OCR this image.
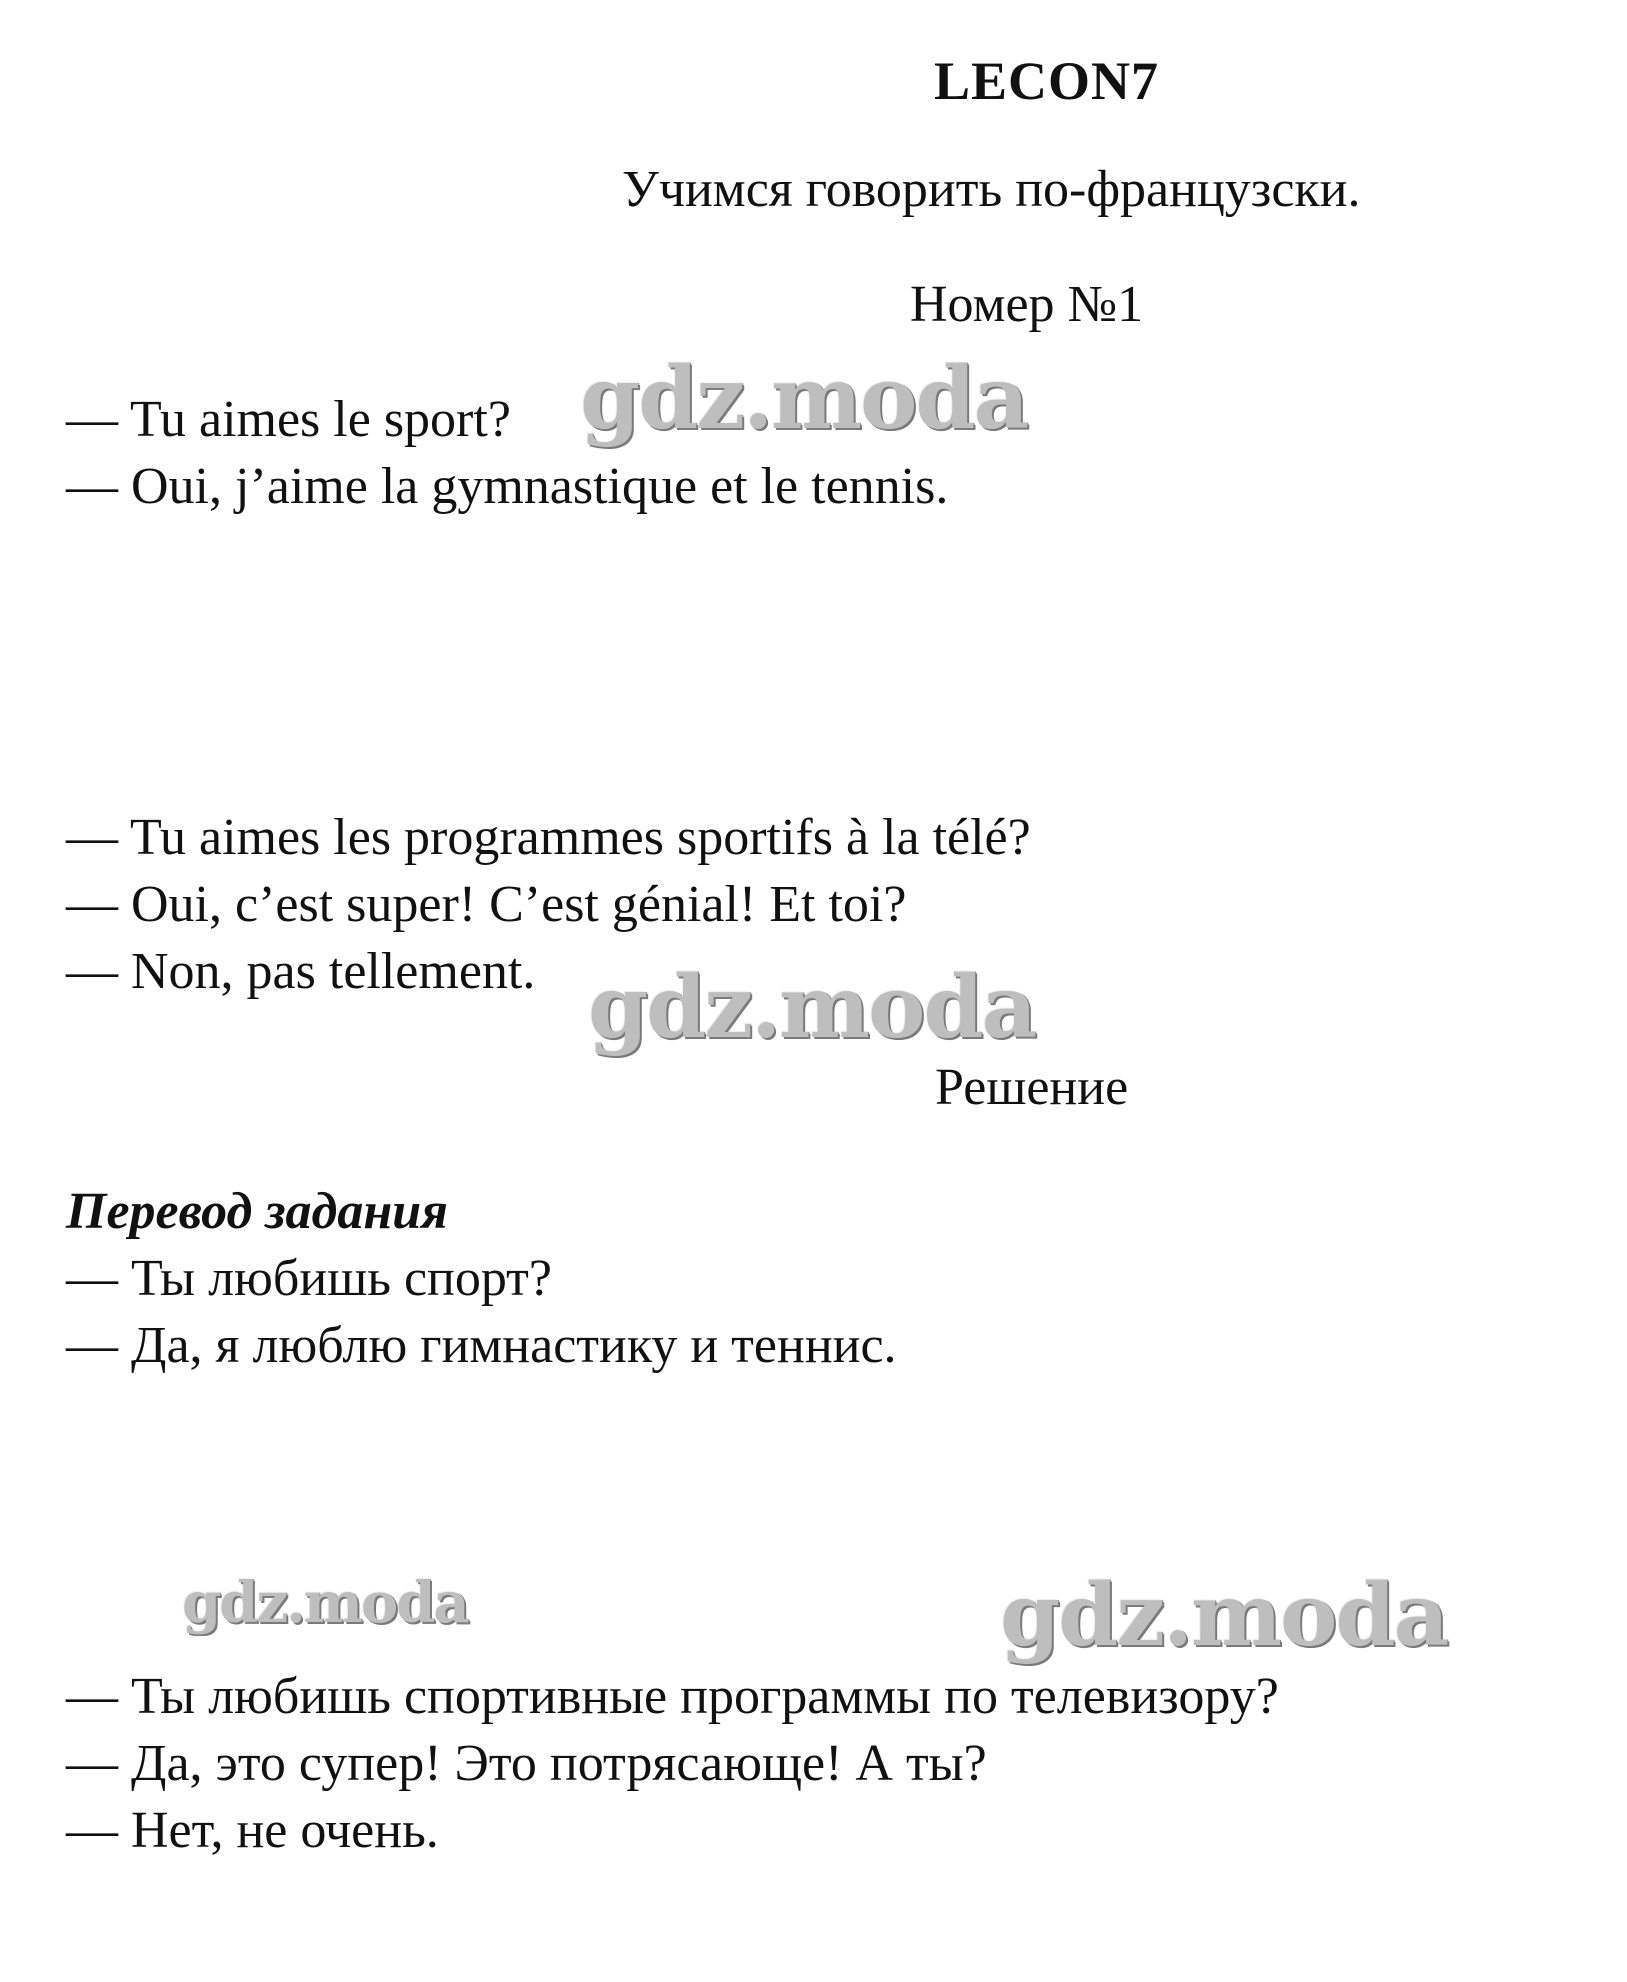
LECON7
Учимся говорить по-французски.
Номер №1
— Tu aimes le sport?
— Oui, j’aime la gymnastique et le tennis.
— Tu aimes les programmes sportifs à la télé?
— Oui, c’est super! C’est génial! Et toi?
— Non, pas tellement.
Решение
Перевод задания
— Ты любишь спорт?
— Да, я люблю гимнастику и теннис.
— Ты любишь спортивные программы по телевизору?
— Да, это супер! Это потрясающе! А ты?
— Нет, не очень.
gdz.moda
gdz.moda
gdz.moda	gdz.moda
